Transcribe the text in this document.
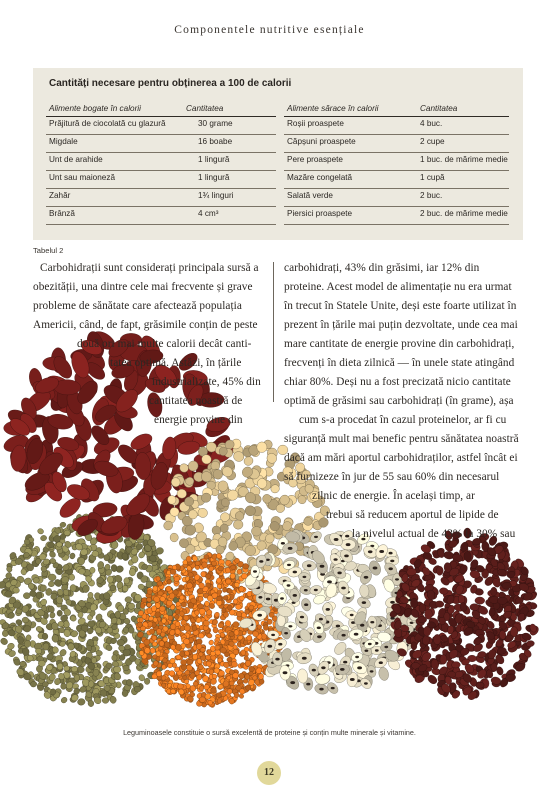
Componentele nutritive esențiale
Cantități necesare pentru obținerea a 100 de calorii
Alimente bogate în calorii	Cantitatea
Prăjitură de ciocolată cu glazură	30 grame
Migdale	16 boabe
Unt de arahide	1 lingură
Unt sau maioneză	1 lingură
Zahăr	1¾ linguri
Brânză	4 cm³
Alimente sărace în calorii	Cantitatea
Roșii proaspete	4 buc.
Căpșuni proaspete	2 cupe
Pere proaspete	1 buc. de mărime medie
Mazăre congelată	1 cupă
Salată verde	2 buc.
Piersici proaspete	2 buc. de mărime medie
Tabelul 2
Carbohidrații sunt considerați principala sursă a
obezității, una dintre cele mai frecvente și grave
probleme de sănătate care afectează populația
Americii, când, de fapt, grăsimile conțin de peste
două ori mai multe calorii decât canti-
tatea optimă. Astăzi, în țările
industrializate, 45% din
cantitatea noastră de
energie provine din
carbohidrați, 43% din grăsimi, iar 12% din
proteine. Acest model de alimentație nu era urmat
în trecut în Statele Unite, deși este foarte utilizat în
prezent în țările mai puțin dezvoltate, unde cea mai
mare cantitate de energie provine din carbohidrați,
frecvenți în dieta zilnică — în unele state atingând
chiar 80%. Deși nu a fost precizată nicio cantitate
optimă de grăsimi sau carbohidrați (în grame), așa
cum s-a procedat în cazul proteinelor, ar fi cu
siguranță mult mai benefic pentru sănătatea noastră
dacă am mări aportul carbohidraților, astfel încât ei
să furnizeze în jur de 55 sau 60% din necesarul
zilnic de energie. În același timp, ar
trebui să reducem aportul de lipide de
la nivelul actual de 43% la 30% sau
Leguminoasele constituie o sursă excelentă de proteine și conțin multe minerale și vitamine.
12
